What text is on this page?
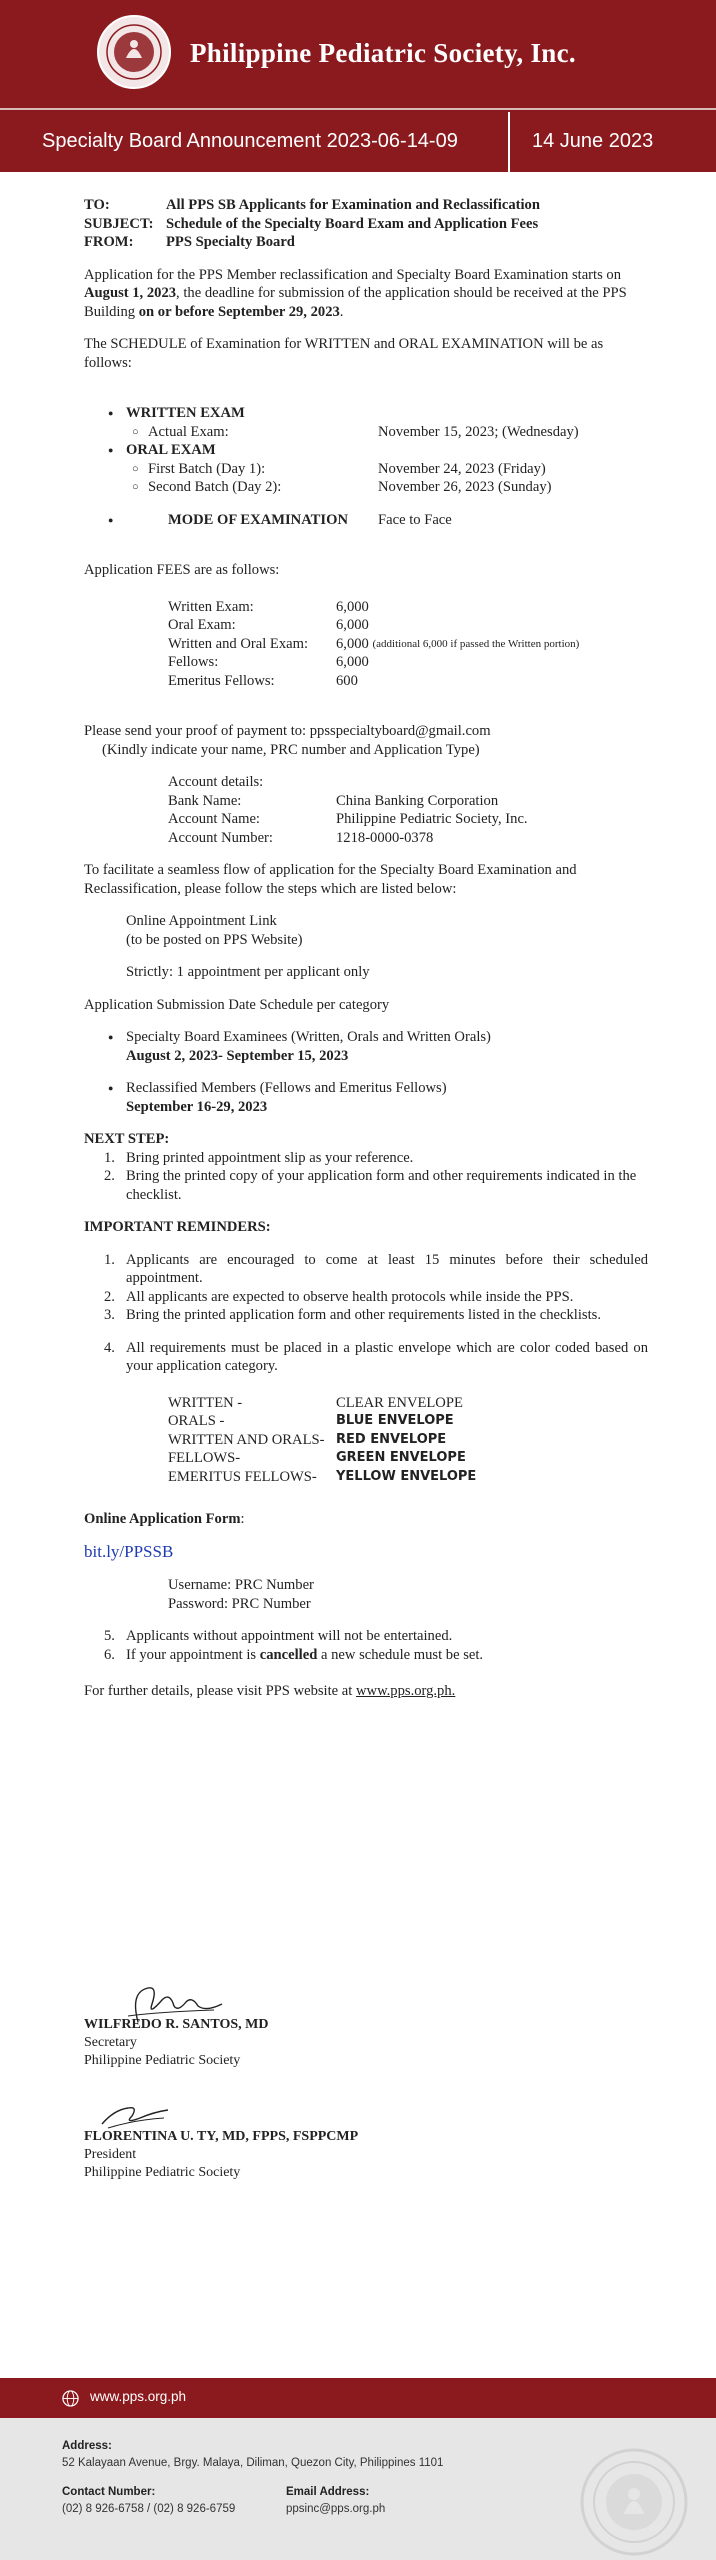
Philippine Pediatric Society, Inc.
Specialty Board Announcement 2023-06-14-09	14 June 2023
TO:	All PPS SB Applicants for Examination and Reclassification
SUBJECT:	Schedule of the Specialty Board Exam and Application Fees
FROM:	PPS Specialty Board

Application for the PPS Member reclassification and Specialty Board Examination starts on August 1, 2023, the deadline for submission of the application should be received at the PPS Building on or before September 29, 2023.

The SCHEDULE of Examination for WRITTEN and ORAL EXAMINATION will be as follows:

● WRITTEN EXAM
○ Actual Exam:	November 15, 2023; (Wednesday)
● ORAL EXAM
○ First Batch (Day 1):	November 24, 2023 (Friday)
○ Second Batch (Day 2):	November 26, 2023 (Sunday)
● MODE OF EXAMINATION	Face to Face

Application FEES are as follows:

Written Exam:	6,000
Oral Exam:	6,000
Written and Oral Exam:	6,000
(additional 6,000 if passed the Written portion)
Fellows:	6,000
Emeritus Fellows:	600

Please send your proof of payment to: ppsspecialtyboard@gmail.com

(Kindly indicate your name, PRC number and Application Type)

Account details:

Bank Name:	China Banking Corporation
Account Name:	Philippine Pediatric Society, Inc.
Account Number:	1218-0000-0378

To facilitate a seamless flow of application for the Specialty Board Examination and Reclassification, please follow the steps which are listed below:

Online Appointment Link

(to be posted on PPS Website)

Strictly: 1 appointment per applicant only

Application Submission Date Schedule per category

● Specialty Board Examinees (Written, Orals and Written Orals)
August 2, 2023- September 15, 2023
● Reclassified Members (Fellows and Emeritus Fellows)
September 16-29, 2023

NEXT STEP:

1. Bring printed appointment slip as your reference.
2. Bring the printed copy of your application form and other requirements indicated in the checklist.

IMPORTANT REMINDERS:

1. Applicants are encouraged to come at least 15 minutes before their scheduled appointment.
2. All applicants are expected to observe health protocols while inside the PPS.
3. Bring the printed application form and other requirements listed in the checklists.
4. All requirements must be placed in a plastic envelope which are color coded based on your application category.
WRITTEN -	CLEAR ENVELOPE
ORALS -	BLUE ENVELOPE
WRITTEN AND ORALS- RED ENVELOPE
FELLOWS-	GREEN ENVELOPE
EMERITUS FELLOWS-	YELLOW ENVELOPE

Online Application Form:

bit.ly/PPSSB

Username: PRC Number

Password: PRC Number

5. Applicants without appointment will not be entertained.
6. If your appointment is cancelled a new schedule must be set.

For further details, please visit PPS website at www.pps.org.ph.

WILFREDO R. SANTOS, MD

Secretary

Philippine Pediatric Society

FLORENTINA U. TY, MD, FPPS, FSPPCMP

President

Philippine Pediatric Society

www.pps.org.ph
Address:
52 Kalayaan Avenue, Brgy. Malaya, Diliman, Quezon City, Philippines 1101
Contact Number:
(02) 8 926-6758 / (02) 8 926-6759
Email Address:
ppsinc@pps.org.ph
